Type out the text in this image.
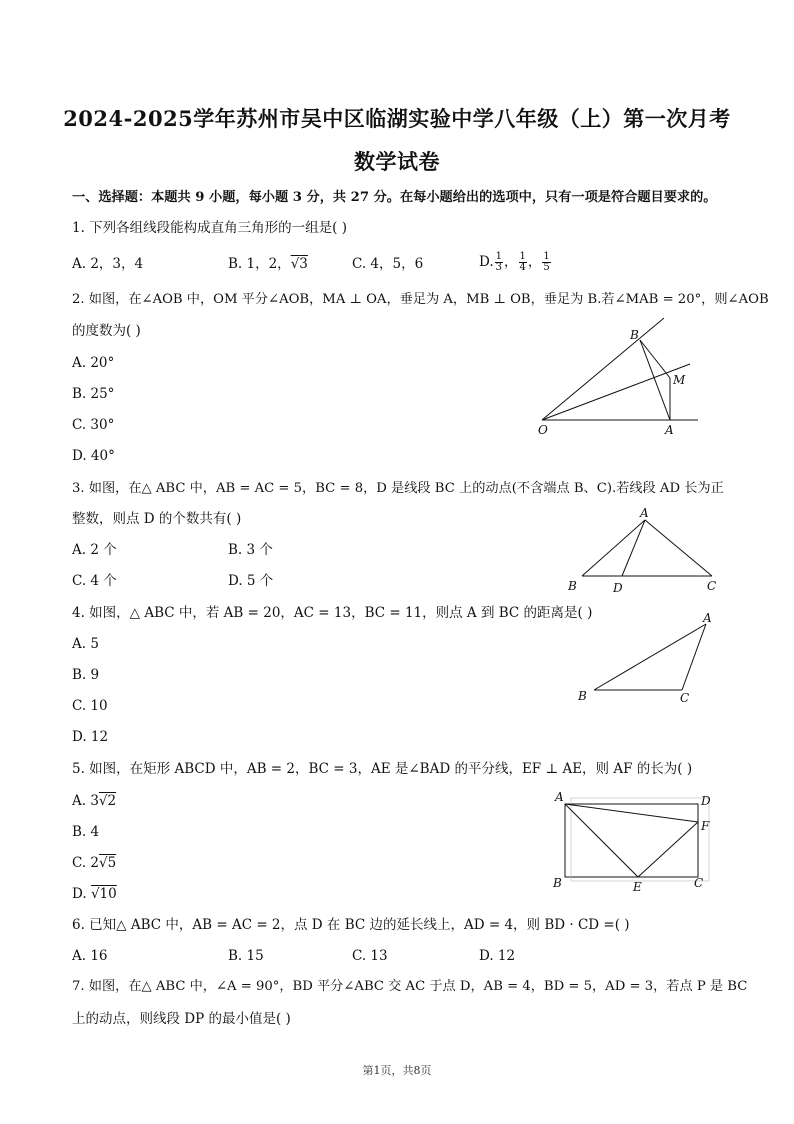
2024-2025学年苏州市吴中区临湖实验中学八年级（上）第一次月考
数学试卷
一、选择题：本题共 9 小题，每小题 3 分，共 27 分。在每小题给出的选项中，只有一项是符合题目要求的。
1. 下列各组线段能构成直角三角形的一组是( )
A. 2，3，4	B. 1，2，√3	C. 4，5，6	D. $\frac{1}{3}$ ， $\frac{1}{4}$ ， $\frac{1}{5}$
2. 如图，在∠AOB 中，OM 平分∠AOB，MA ⊥ OA，垂足为 A，MB ⊥ OB，垂足为 B.若∠MAB = 20°，则∠AOB
的度数为( )
A. 20°
B. 25°
C. 30°
D. 40°
B
M
O	A
3. 如图，在△ ABC 中，AB = AC = 5，BC = 8，D 是线段 BC 上的动点(不含端点 B、C).若线段 AD 长为正
整数，则点 D 的个数共有( )
A. 2 个	B. 3 个
C. 4 个	D. 5 个
A
B	D	C
4. 如图，△ ABC 中，若 AB = 20，AC = 13，BC = 11，则点 A 到 BC 的距离是( )
A. 5
B. 9
C. 10
D. 12
A
B	C
5. 如图，在矩形 ABCD 中，AB = 2，BC = 3，AE 是∠BAD 的平分线，EF ⊥ AE，则 AF 的长为( )
A. 3√2
B. 4
C. 2√5
D. √10
A	D
F
B	E	C
6. 已知△ ABC 中，AB = AC = 2，点 D 在 BC 边的延长线上，AD = 4，则 BD · CD =( )
A. 16	B. 15	C. 13	D. 12
7. 如图，在△ ABC 中，∠A = 90°，BD 平分∠ABC 交 AC 于点 D，AB = 4，BD = 5，AD = 3，若点 P 是 BC
上的动点，则线段 DP 的最小值是( )
第1页，共8页
